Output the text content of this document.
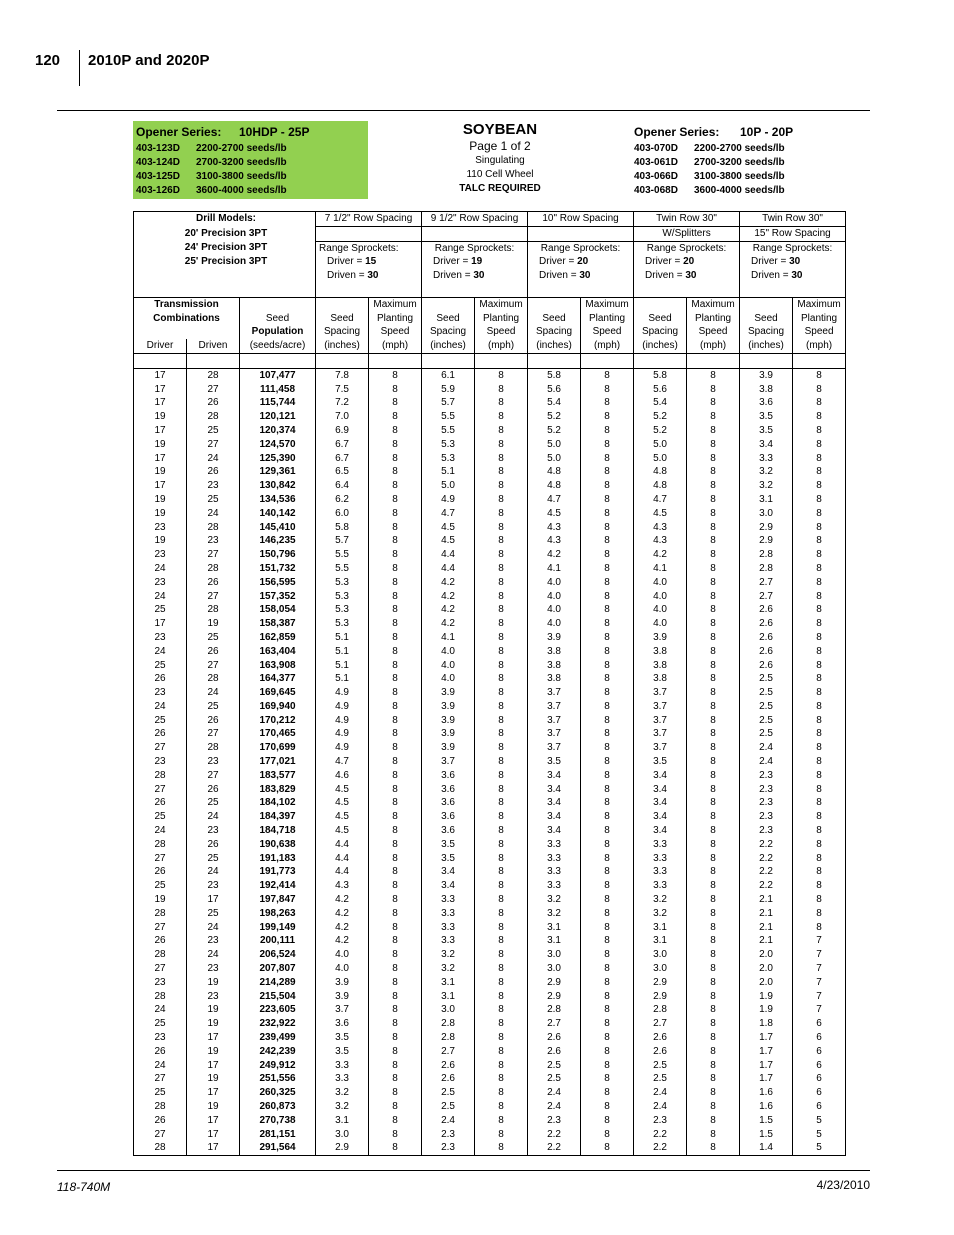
120 2010P and 2020P
Opener Series: 10HDP - 25P
403-123D 2200-2700 seeds/lb
403-124D 2700-3200 seeds/lb
403-125D 3100-3800 seeds/lb
403-126D 3600-4000 seeds/lb
SOYBEAN
Page 1 of 2
Singulating
110 Cell Wheel
TALC REQUIRED
Opener Series: 10P - 20P
403-070D 2200-2700 seeds/lb
403-061D 2700-3200 seeds/lb
403-066D 3100-3800 seeds/lb
403-068D 3600-4000 seeds/lb
Drill Models:			7 1/2" Row Spacing		9 1/2" Row Spacing		10" Row Spacing		Twin Row 30"		Twin Row 30"	
20' Precision 3PT									W/Splitters		15" Row Spacing	
24' Precision 3PT			Range Sprockets:		Range Sprockets:		Range Sprockets:		Range Sprockets:		Range Sprockets:	
25' Precision 3PT			Driver = 15		Driver = 19		Driver = 20		Driver = 20		Driver = 30	
			Driven = 30		Driven = 30		Driven = 30		Driven = 30		Driven = 30	

Transmission				Maximum		Maximum		Maximum		Maximum		Maximum
Combinations		Seed	Seed	Planting	Seed	Planting	Seed	Planting	Seed	Planting	Seed	Planting
		Population	Spacing	Speed	Spacing	Speed	Spacing	Speed	Spacing	Speed	Spacing	Speed
Driver	Driven	(seeds/acre)	(inches)	(mph)	(inches)	(mph)	(inches)	(mph)	(inches)	(mph)	(inches)	(mph)

17	28	107,477	7.8	8	6.1	8	5.8	8	5.8	8	3.9	8
17	27	111,458	7.5	8	5.9	8	5.6	8	5.6	8	3.8	8
17	26	115,744	7.2	8	5.7	8	5.4	8	5.4	8	3.6	8
19	28	120,121	7.0	8	5.5	8	5.2	8	5.2	8	3.5	8
17	25	120,374	6.9	8	5.5	8	5.2	8	5.2	8	3.5	8
19	27	124,570	6.7	8	5.3	8	5.0	8	5.0	8	3.4	8
17	24	125,390	6.7	8	5.3	8	5.0	8	5.0	8	3.3	8
19	26	129,361	6.5	8	5.1	8	4.8	8	4.8	8	3.2	8
17	23	130,842	6.4	8	5.0	8	4.8	8	4.8	8	3.2	8
19	25	134,536	6.2	8	4.9	8	4.7	8	4.7	8	3.1	8
19	24	140,142	6.0	8	4.7	8	4.5	8	4.5	8	3.0	8
23	28	145,410	5.8	8	4.5	8	4.3	8	4.3	8	2.9	8
19	23	146,235	5.7	8	4.5	8	4.3	8	4.3	8	2.9	8
23	27	150,796	5.5	8	4.4	8	4.2	8	4.2	8	2.8	8
24	28	151,732	5.5	8	4.4	8	4.1	8	4.1	8	2.8	8
23	26	156,595	5.3	8	4.2	8	4.0	8	4.0	8	2.7	8
24	27	157,352	5.3	8	4.2	8	4.0	8	4.0	8	2.7	8
25	28	158,054	5.3	8	4.2	8	4.0	8	4.0	8	2.6	8
17	19	158,387	5.3	8	4.2	8	4.0	8	4.0	8	2.6	8
23	25	162,859	5.1	8	4.1	8	3.9	8	3.9	8	2.6	8
24	26	163,404	5.1	8	4.0	8	3.8	8	3.8	8	2.6	8
25	27	163,908	5.1	8	4.0	8	3.8	8	3.8	8	2.6	8
26	28	164,377	5.1	8	4.0	8	3.8	8	3.8	8	2.5	8
23	24	169,645	4.9	8	3.9	8	3.7	8	3.7	8	2.5	8
24	25	169,940	4.9	8	3.9	8	3.7	8	3.7	8	2.5	8
25	26	170,212	4.9	8	3.9	8	3.7	8	3.7	8	2.5	8
26	27	170,465	4.9	8	3.9	8	3.7	8	3.7	8	2.5	8
27	28	170,699	4.9	8	3.9	8	3.7	8	3.7	8	2.4	8
23	23	177,021	4.7	8	3.7	8	3.5	8	3.5	8	2.4	8
28	27	183,577	4.6	8	3.6	8	3.4	8	3.4	8	2.3	8
27	26	183,829	4.5	8	3.6	8	3.4	8	3.4	8	2.3	8
26	25	184,102	4.5	8	3.6	8	3.4	8	3.4	8	2.3	8
25	24	184,397	4.5	8	3.6	8	3.4	8	3.4	8	2.3	8
24	23	184,718	4.5	8	3.6	8	3.4	8	3.4	8	2.3	8
28	26	190,638	4.4	8	3.5	8	3.3	8	3.3	8	2.2	8
27	25	191,183	4.4	8	3.5	8	3.3	8	3.3	8	2.2	8
26	24	191,773	4.4	8	3.4	8	3.3	8	3.3	8	2.2	8
25	23	192,414	4.3	8	3.4	8	3.3	8	3.3	8	2.2	8
19	17	197,847	4.2	8	3.3	8	3.2	8	3.2	8	2.1	8
28	25	198,263	4.2	8	3.3	8	3.2	8	3.2	8	2.1	8
27	24	199,149	4.2	8	3.3	8	3.1	8	3.1	8	2.1	8
26	23	200,111	4.2	8	3.3	8	3.1	8	3.1	8	2.1	7
28	24	206,524	4.0	8	3.2	8	3.0	8	3.0	8	2.0	7
27	23	207,807	4.0	8	3.2	8	3.0	8	3.0	8	2.0	7
23	19	214,289	3.9	8	3.1	8	2.9	8	2.9	8	2.0	7
28	23	215,504	3.9	8	3.1	8	2.9	8	2.9	8	1.9	7
24	19	223,605	3.7	8	3.0	8	2.8	8	2.8	8	1.9	7
25	19	232,922	3.6	8	2.8	8	2.7	8	2.7	8	1.8	6
23	17	239,499	3.5	8	2.8	8	2.6	8	2.6	8	1.7	6
26	19	242,239	3.5	8	2.7	8	2.6	8	2.6	8	1.7	6
24	17	249,912	3.3	8	2.6	8	2.5	8	2.5	8	1.7	6
27	19	251,556	3.3	8	2.6	8	2.5	8	2.5	8	1.7	6
25	17	260,325	3.2	8	2.5	8	2.4	8	2.4	8	1.6	6
28	19	260,873	3.2	8	2.5	8	2.4	8	2.4	8	1.6	6
26	17	270,738	3.1	8	2.4	8	2.3	8	2.3	8	1.5	5
27	17	281,151	3.0	8	2.3	8	2.2	8	2.2	8	1.5	5
28	17	291,564	2.9	8	2.3	8	2.2	8	2.2	8	1.4	5
118-740M	4/23/2010
